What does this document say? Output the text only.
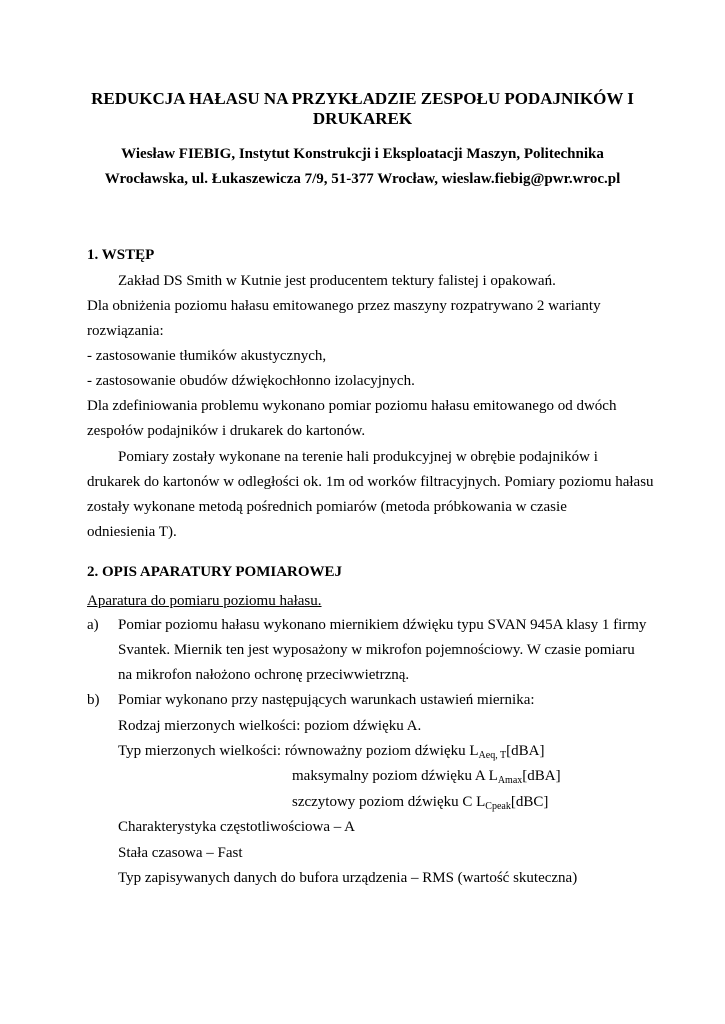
REDUKCJA HAŁASU NA PRZYKŁADZIE ZESPOŁU PODAJNIKÓW I
DRUKAREK
Wiesław FIEBIG, Instytut Konstrukcji i Eksploatacji Maszyn, Politechnika
Wrocławska, ul. Łukaszewicza 7/9, 51-377 Wrocław, wieslaw.fiebig@pwr.wroc.pl
1. WSTĘP
Zakład DS Smith w Kutnie jest producentem tektury falistej i opakowań.
Dla obniżenia poziomu hałasu emitowanego przez maszyny rozpatrywano 2 warianty
rozwiązania:
- zastosowanie tłumików akustycznych,
- zastosowanie obudów dźwiękochłonno izolacyjnych.
Dla zdefiniowania problemu wykonano pomiar poziomu hałasu emitowanego od dwóch
zespołów podajników i drukarek do kartonów.
Pomiary zostały wykonane na terenie hali produkcyjnej w obrębie podajników i
drukarek do kartonów w odległości ok. 1m od worków filtracyjnych. Pomiary poziomu hałasu
zostały wykonane metodą pośrednich pomiarów (metoda próbkowania w czasie
odniesienia T).
2. OPIS APARATURY POMIAROWEJ
Aparatura do pomiaru poziomu hałasu.
a) Pomiar poziomu hałasu wykonano miernikiem dźwięku typu SVAN 945A klasy 1 firmy
Svantek. Miernik ten jest wyposażony w mikrofon pojemnościowy. W czasie pomiaru
na mikrofon nałożono ochronę przeciwwietrzną.
b) Pomiar wykonano przy następujących warunkach ustawień miernika:
Rodzaj mierzonych wielkości: poziom dźwięku A.
Typ mierzonych wielkości: równoważny poziom dźwięku $L_{Aeq, T}[dBA]$
maksymalny poziom dźwięku A $L_{Amax}[dBA]$
szczytowy poziom dźwięku C $L_{Cpeak}[dBC]$
Charakterystyka częstotliwościowa – A
Stała czasowa – Fast
Typ zapisywanych danych do bufora urządzenia – RMS (wartość skuteczna)
